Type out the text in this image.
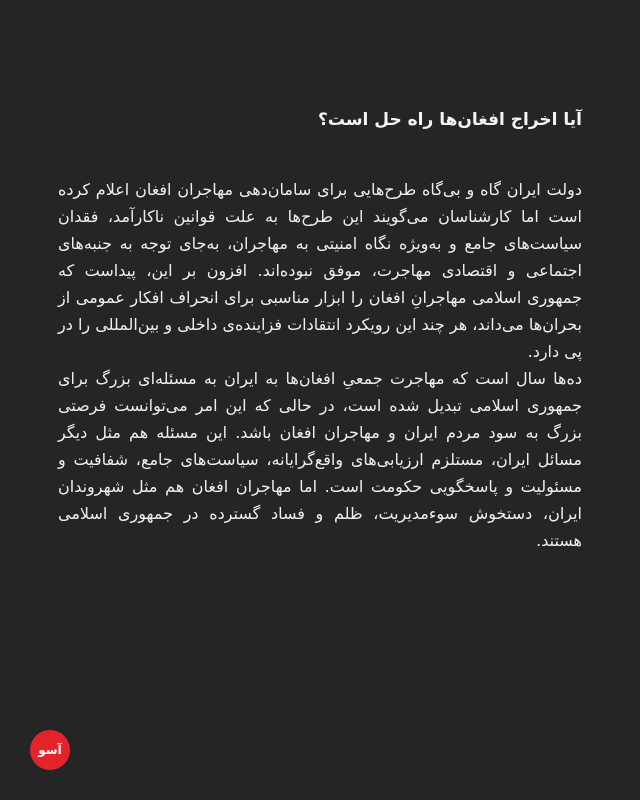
آیا اخراج افغان‌ها راه حل است؟

دولت ایران گاه و بی‌گاه طرح‌هایی برای سامان‌دهی مهاجران افغان اعلام کرده است اما کارشناسان می‌گویند این طرح‌ها به علت قوانین ناکارآمد، فقدان سیاست‌های جامع و به‌ویژه نگاه امنیتی به مهاجران، به‌جای توجه به جنبه‌های اجتماعی و اقتصادی مهاجرت، موفق نبوده‌اند. افزون بر این، پیداست که جمهوری اسلامی مهاجرانِ افغان را ابزار مناسبی برای انحراف افکار عمومی از بحران‌ها می‌داند، هر چند این رویکرد انتقادات فزاینده‌ی داخلی و بین‌المللی را در پی دارد.

ده‌ها سال است که مهاجرت جمعیِ افغان‌ها به ایران به مسئله‌ای بزرگ برای جمهوری اسلامی تبدیل شده است، در حالی که این امر می‌توانست فرصتی بزرگ به سود مردم ایران و مهاجران افغان باشد. این مسئله هم مثل دیگر مسائل ایران، مستلزم ارزیابی‌های واقع‌گرایانه، سیاست‌های جامع، شفافیت و مسئولیت و پاسخگویی حکومت است. اما مهاجران افغان هم مثل شهروندان ایران، دستخوش سوءمدیریت، ظلم و فساد گسترده در جمهوری اسلامی هستند.

آسو
